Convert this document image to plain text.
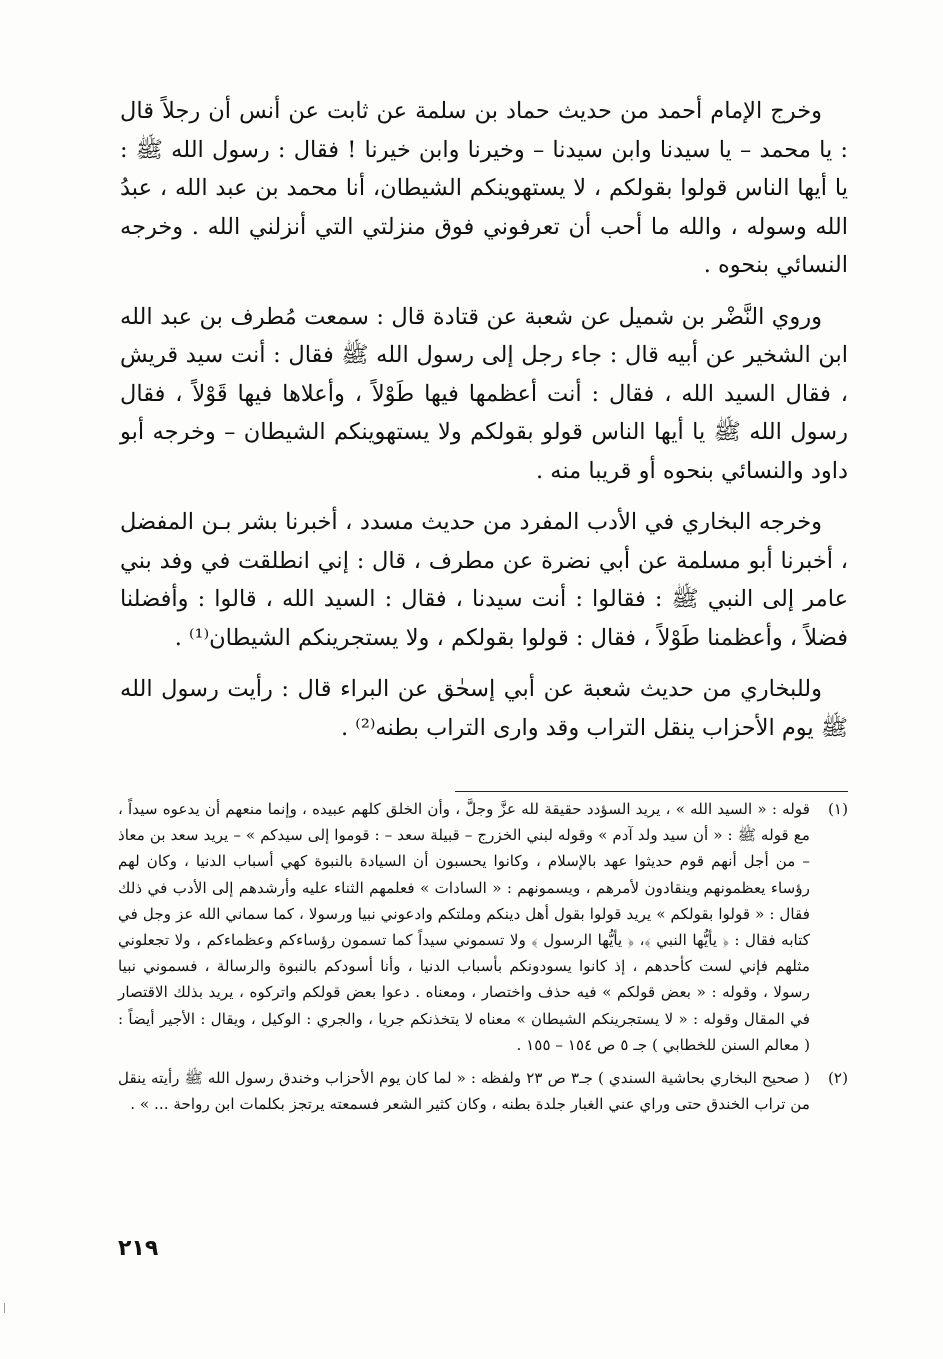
وخرج الإمام أحمد من حديث حماد بن سلمة عن ثابت عن أنس أن رجلاً قال : يا محمد – يا سيدنا وابن سيدنا – وخيرنا وابن خيرنا ! فقال : رسول الله ﷺ : يا أيها الناس قولوا بقولكم ، لا يستهوينكم الشيطان، أنا محمد بن عبد الله ، عبدُ الله وسوله ، والله ما أحب أن تعرفوني فوق منزلتي التي أنزلني الله . وخرجه النسائي بنحوه .

وروي النَّضْر بن شميل عن شعبة عن قتادة قال : سمعت مُطرف بن عبد الله ابن الشخير عن أبيه قال : جاء رجل إلى رسول الله ﷺ فقال : أنت سيد قريش ، فقال السيد الله ، فقال : أنت أعظمها فيها طَوْلاً ، وأعلاها فيها قَوْلاً ، فقال رسول الله ﷺ يا أيها الناس قولو بقولكم ولا يستهوينكم الشيطان – وخرجه أبو داود والنسائي بنحوه أو قريبا منه .

وخرجه البخاري في الأدب المفرد من حديث مسدد ، أخبرنا بشر بـن المفضل ، أخبرنا أبو مسلمة عن أبي نضرة عن مطرف ، قال : إني انطلقت في وفد بني عامر إلى النبي ﷺ : فقالوا : أنت سيدنا ، فقال : السيد الله ، قالوا : وأفضلنا فضلاً ، وأعظمنا طَوْلاً ، فقال : قولوا بقولكم ، ولا يستجرينكم الشيطان⁽¹⁾ .

وللبخاري من حديث شعبة عن أبي إسحٰق عن البراء قال : رأيت رسول الله ﷺ يوم الأحزاب ينقل التراب وقد وارى التراب بطنه⁽²⁾ .

(١)
قوله : « السيد الله » ، يريد السؤدد حقيقة لله عزَّ وجلَّ ، وأن الخلق كلهم عبيده ، وإنما منعهم أن يدعوه سيداً ، مع قوله ﷺ : « أن سيد ولد آدم » وقوله لبني الخزرج – قبيلة سعد – : قوموا إلى سيدكم » – يريد سعد بن معاذ – من أجل أنهم قوم حديثوا عهد بالإسلام ، وكانوا يحسبون أن السيادة بالنبوة كهي أسباب الدنيا ، وكان لهم رؤساء يعظمونهم وينقادون لأمرهم ، ويسمونهم : « السادات » فعلمهم الثناء عليه وأرشدهم إلى الأدب في ذلك فقال : « قولوا بقولكم » يريد قولوا بقول أهل دينكم وملتكم وادعوني نبيا ورسولا ، كما سماني الله عز وجل في كتابه فقال : ﴿ يأيُّها النبي ﴾، ﴿ يأيُّها الرسول ﴾ ولا تسموني سيداً كما تسمون رؤساءكم وعظماءكم ، ولا تجعلوني مثلهم فإني لست كأحدهم ، إذ كانوا يسودونكم بأسباب الدنيا ، وأنا أسودكم بالنبوة والرسالة ، فسموني نبيا رسولا ، وقوله : « بعض قولكم » فيه حذف واختصار ، ومعناه . دعوا بعض قولكم واتركوه ، يريد بذلك الاقتصار في المقال وقوله : « لا يستجرينكم الشيطان » معناه لا يتخذنكم جريا ، والجري : الوكيل ، ويقال : الأجير أيضاً : ( معالم السنن للخطابي ) جـ ٥ ص ١٥٤ – ١٥٥ .
(٢)
( صحيح البخاري بحاشية السندي ) جـ٣ ص ٢٣ ولفظه : « لما كان يوم الأحزاب وخندق رسول الله ﷺ رأيته ينقل من تراب الخندق حتى وراي عني الغبار جلدة بطنه ، وكان كثير الشعر فسمعته يرتجز بكلمات ابن رواحة ... » .
٢١٩
